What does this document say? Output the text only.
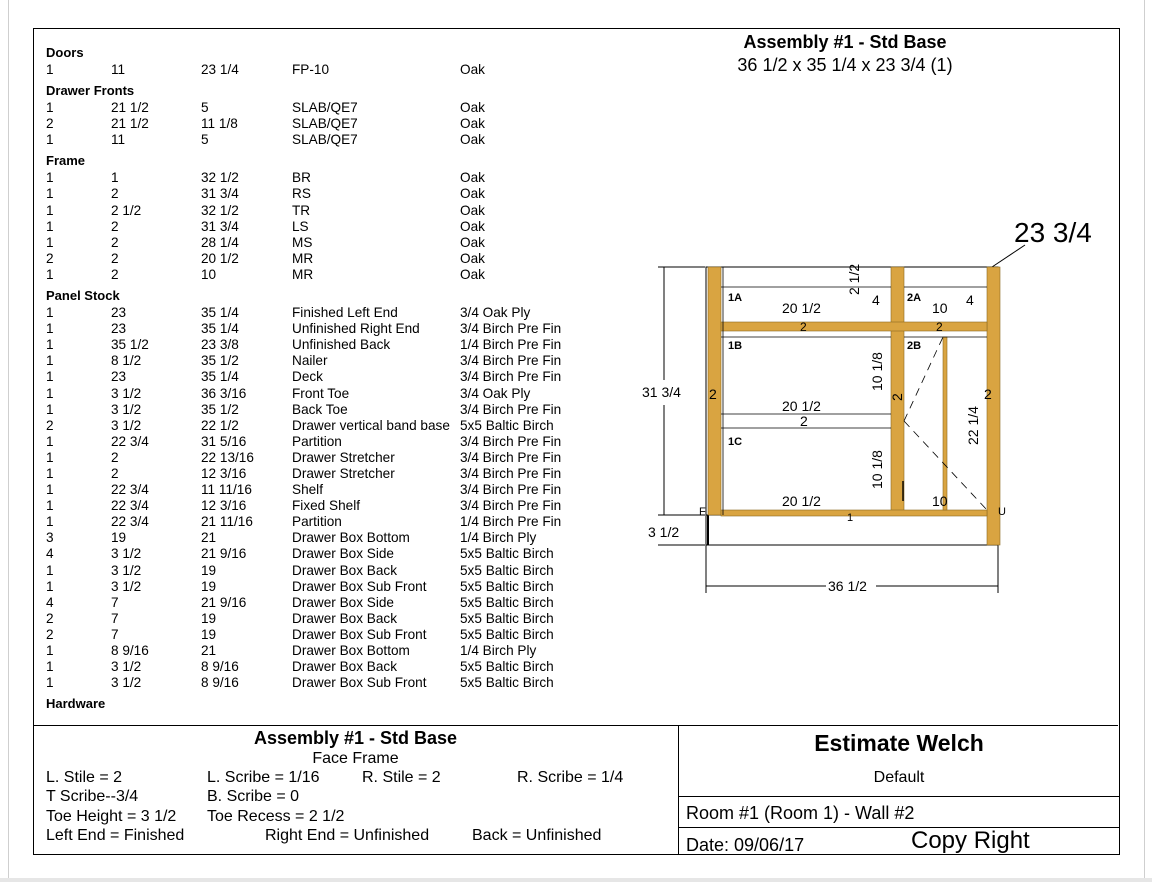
Doors
1	11	23 1/4	FP-10	Oak
Drawer Fronts
1	21 1/2	5	SLAB/QE7	Oak
2	21 1/2	11 1/8	SLAB/QE7	Oak
1	11	5	SLAB/QE7	Oak
Frame
1	1	32 1/2	BR	Oak
1	2	31 3/4	RS	Oak
1	2 1/2	32 1/2	TR	Oak
1	2	31 3/4	LS	Oak
1	2	28 1/4	MS	Oak
2	2	20 1/2	MR	Oak
1	2	10	MR	Oak
Panel Stock
1	23	35 1/4	Finished Left End	3/4 Oak Ply
1	23	35 1/4	Unfinished Right End	3/4 Birch Pre Fin
1	35 1/2	23 3/8	Unfinished Back	1/4 Birch Pre Fin
1	8 1/2	35 1/2	Nailer	3/4 Birch Pre Fin
1	23	35 1/4	Deck	3/4 Birch Pre Fin
1	3 1/2	36 3/16	Front Toe	3/4 Oak Ply
1	3 1/2	35 1/2	Back Toe	3/4 Birch Pre Fin
2	3 1/2	22 1/2	Drawer vertical band base 5x5 Baltic Birch
1	22 3/4	31 5/16	Partition	3/4 Birch Pre Fin
1	2	22 13/16	Drawer Stretcher	3/4 Birch Pre Fin
1	2	12 3/16	Drawer Stretcher	3/4 Birch Pre Fin
1	22 3/4	11 11/16	Shelf	3/4 Birch Pre Fin
1	22 3/4	12 3/16	Fixed Shelf	3/4 Birch Pre Fin
1	22 3/4	21 11/16	Partition	1/4 Birch Pre Fin
3	19	21	Drawer Box Bottom	1/4 Birch Ply
4	3 1/2	21 9/16	Drawer Box Side	5x5 Baltic Birch
1	3 1/2	19	Drawer Box Back	5x5 Baltic Birch
1	3 1/2	19	Drawer Box Sub Front 5x5 Baltic Birch
4	7	21 9/16	Drawer Box Side	5x5 Baltic Birch
2	7	19	Drawer Box Back	5x5 Baltic Birch
2	7	19	Drawer Box Sub Front 5x5 Baltic Birch
1	8 9/16	21	Drawer Box Bottom	1/4 Birch Ply
1	3 1/2	8 9/16	Drawer Box Back	5x5 Baltic Birch
1	3 1/2	8 9/16	Drawer Box Sub Front 5x5 Baltic Birch
Hardware
Assembly #1 - Std Base
36 1/2 x 35 1/4 x 23 3/4 (1)
23 3/4
31 3/4
3 1/2
36 1/2
2 1/2
2	2
2
2	2
2
1
20 1/2	4	10 4
20 1/2
10 1/8
20 1/2
10 1/8
10
22 1/4
1A	2A
1B	2B
1C
F	U
Assembly #1 - Std Base
Face Frame
L. Stile = 2	L. Scribe = 1/16	R. Stile = 2	R. Scribe = 1/4
T Scribe--3/4	B. Scribe = 0
Toe Height = 3 1/2 Toe Recess = 2 1/2
Left End = Finished	Right End = Unfinished	Back = Unfinished
Estimate Welch
Default
Room #1 (Room 1) - Wall #2
Date: 09/06/17	Copy Right
